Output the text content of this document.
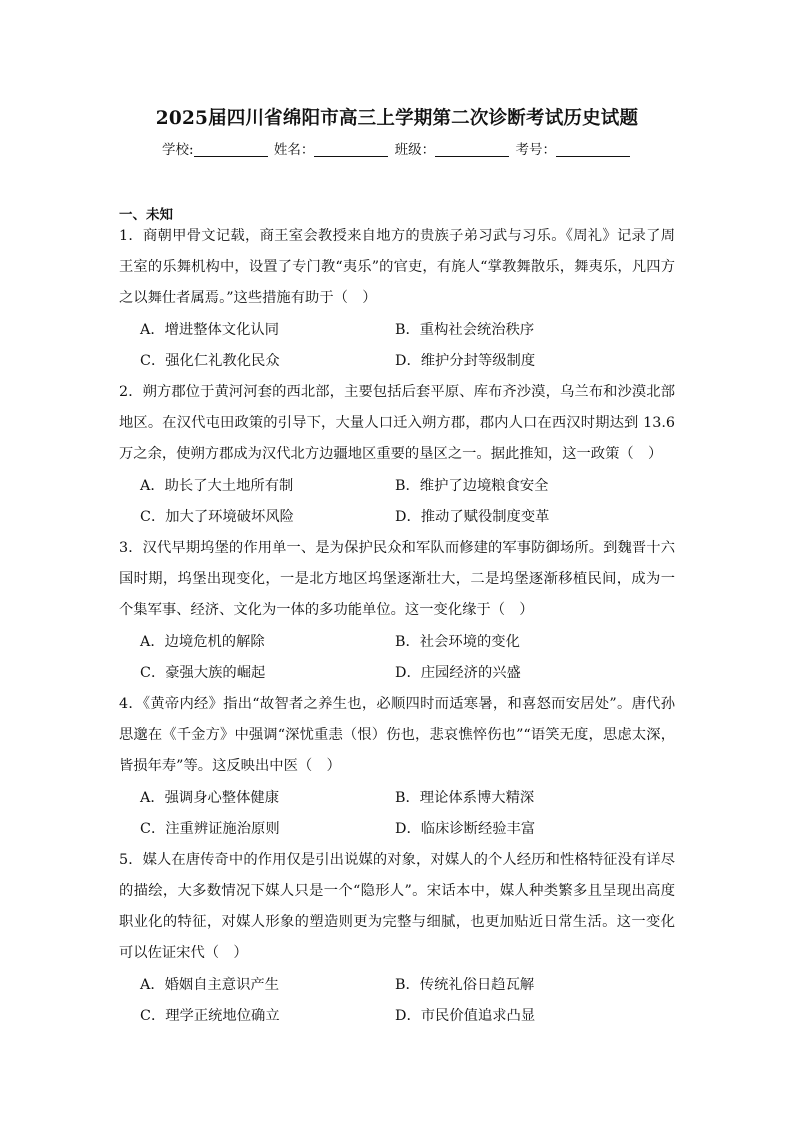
2025届四川省绵阳市高三上学期第二次诊断考试历史试题
学校:	姓名：	班级：	考号：
一、未知
1．商朝甲骨文记载，商王室会教授来自地方的贵族子弟习武与习乐。《周礼》记录了周王室的乐舞机构中，设置了专门教“夷乐”的官吏，有旄人“掌教舞散乐，舞夷乐，凡四方之以舞仕者属焉。”这些措施有助于（　）
A．增进整体文化认同	B．重构社会统治秩序
C．强化仁礼教化民众	D．维护分封等级制度
2．朔方郡位于黄河河套的西北部，主要包括后套平原、库布齐沙漠，乌兰布和沙漠北部地区。在汉代屯田政策的引导下，大量人口迁入朔方郡，郡内人口在西汉时期达到 13.6 万之余，使朔方郡成为汉代北方边疆地区重要的垦区之一。据此推知，这一政策（　）
A．助长了大土地所有制	B．维护了边境粮食安全
C．加大了环境破坏风险	D．推动了赋役制度变革
3．汉代早期坞堡的作用单一、是为保护民众和军队而修建的军事防御场所。到魏晋十六国时期，坞堡出现变化，一是北方地区坞堡逐渐壮大，二是坞堡逐渐移植民间，成为一个集军事、经济、文化为一体的多功能单位。这一变化缘于（　）
A．边境危机的解除	B．社会环境的变化
C．豪强大族的崛起	D．庄园经济的兴盛
4．《黄帝内经》指出“故智者之养生也，必顺四时而适寒暑，和喜怒而安居处”。唐代孙思邈在《千金方》中强调“深忧重恚（恨）伤也，悲哀憔悴伤也”“语笑无度，思虑太深，皆损年寿”等。这反映出中医（　）
A．强调身心整体健康	B．理论体系博大精深
C．注重辨证施治原则	D．临床诊断经验丰富
5．媒人在唐传奇中的作用仅是引出说媒的对象，对媒人的个人经历和性格特征没有详尽的描绘，大多数情况下媒人只是一个“隐形人”。宋话本中，媒人种类繁多且呈现出高度职业化的特征，对媒人形象的塑造则更为完整与细腻，也更加贴近日常生活。这一变化可以佐证宋代（　）
A．婚姻自主意识产生	B．传统礼俗日趋瓦解
C．理学正统地位确立	D．市民价值追求凸显
